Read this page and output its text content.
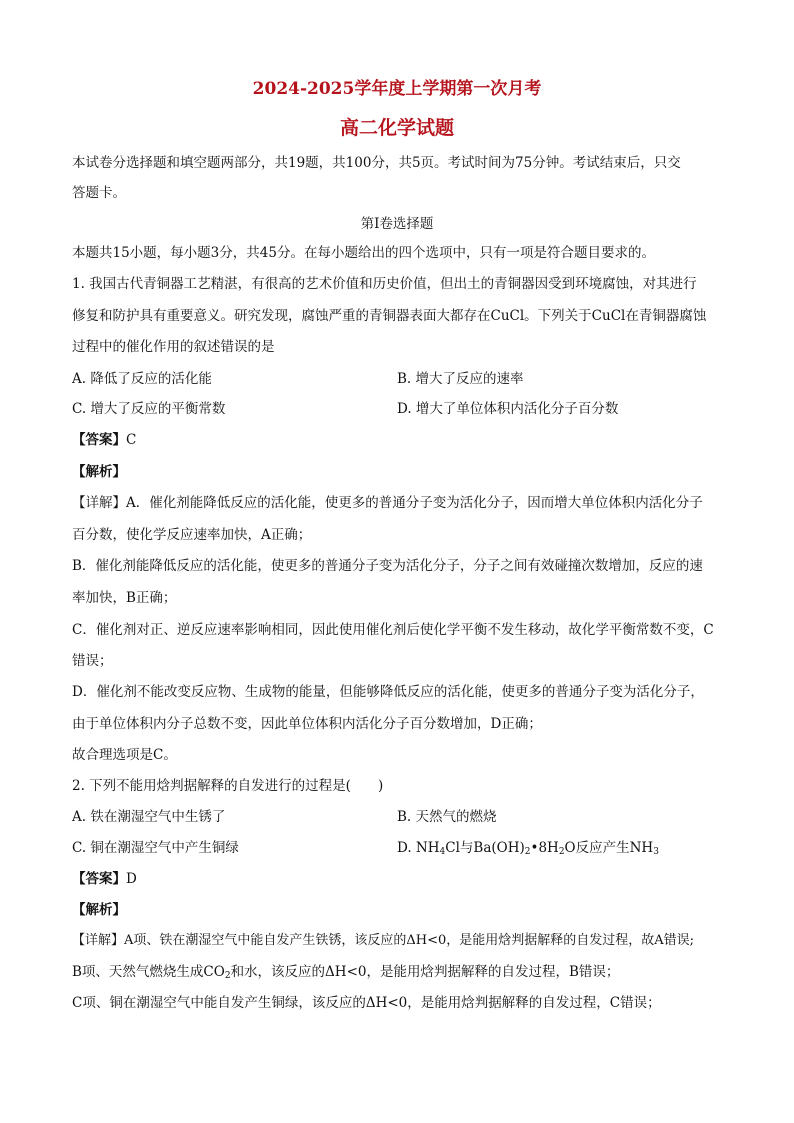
2024-2025学年度上学期第一次月考
高二化学试题
本试卷分选择题和填空题两部分，共19题，共100分，共5页。考试时间为75分钟。考试结束后，只交
答题卡。
第I卷选择题
本题共15小题，每小题3分，共45分。在每小题给出的四个选项中，只有一项是符合题目要求的。
1. 我国古代青铜器工艺精湛，有很高的艺术价值和历史价值，但出土的青铜器因受到环境腐蚀，对其进行
修复和防护具有重要意义。研究发现，腐蚀严重的青铜器表面大都存在CuCl。下列关于CuCl在青铜器腐蚀
过程中的催化作用的叙述错误的是
A. 降低了反应的活化能	B. 增大了反应的速率
C. 增大了反应的平衡常数	D. 增大了单位体积内活化分子百分数
【答案】C
【解析】
【详解】A．催化剂能降低反应的活化能，使更多的普通分子变为活化分子，因而增大单位体积内活化分子
百分数，使化学反应速率加快，A正确；
B．催化剂能降低反应的活化能，使更多的普通分子变为活化分子，分子之间有效碰撞次数增加，反应的速
率加快，B正确；
C．催化剂对正、逆反应速率影响相同，因此使用催化剂后使化学平衡不发生移动，故化学平衡常数不变，C
错误；
D．催化剂不能改变反应物、生成物的能量，但能够降低反应的活化能，使更多的普通分子变为活化分子，
由于单位体积内分子总数不变，因此单位体积内活化分子百分数增加，D正确；
故合理选项是C。
2. 下列不能用焓判据解释的自发进行的过程是(　　)
A. 铁在潮湿空气中生锈了	B. 天然气的燃烧
C. 铜在潮湿空气中产生铜绿	D. $NH_4Cl$与$Ba(OH)_2•8H_2O$反应产生$NH_3$
【答案】D
【解析】
【详解】A项、铁在潮湿空气中能自发产生铁锈，该反应的ΔH<0，是能用焓判据解释的自发过程，故A错误;
B项、天然气燃烧生成$CO_2$和水，该反应的ΔH<0，是能用焓判据解释的自发过程，B错误；
C项、铜在潮湿空气中能自发产生铜绿，该反应的ΔH<0，是能用焓判据解释的自发过程，C错误；
